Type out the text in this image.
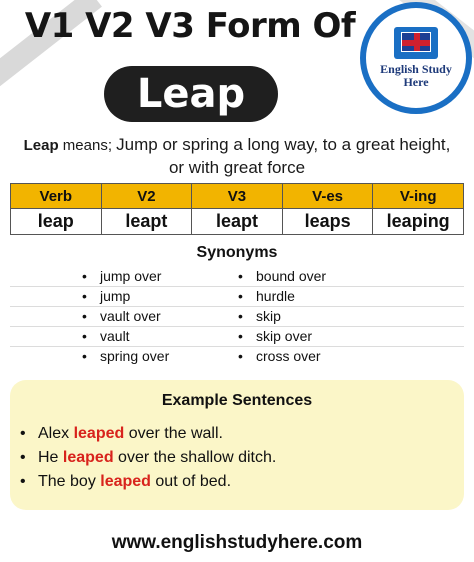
V1 V2 V3 Form Of
Leap
English Study
Here
Leap means; Jump or spring a long way, to a great height,
or with great force
Verb	V2	V3	V-es	V-ing
leap	leapt	leapt	leaps	leaping
Synonyms
• jump over
• jump
• vault over
• vault
• spring over
• bound over
• hurdle
• skip
• skip over
• cross over
Example Sentences
• Alex leaped over the wall.
• He leaped over the shallow ditch.
• The boy leaped out of bed.
www.englishstudyhere.com
